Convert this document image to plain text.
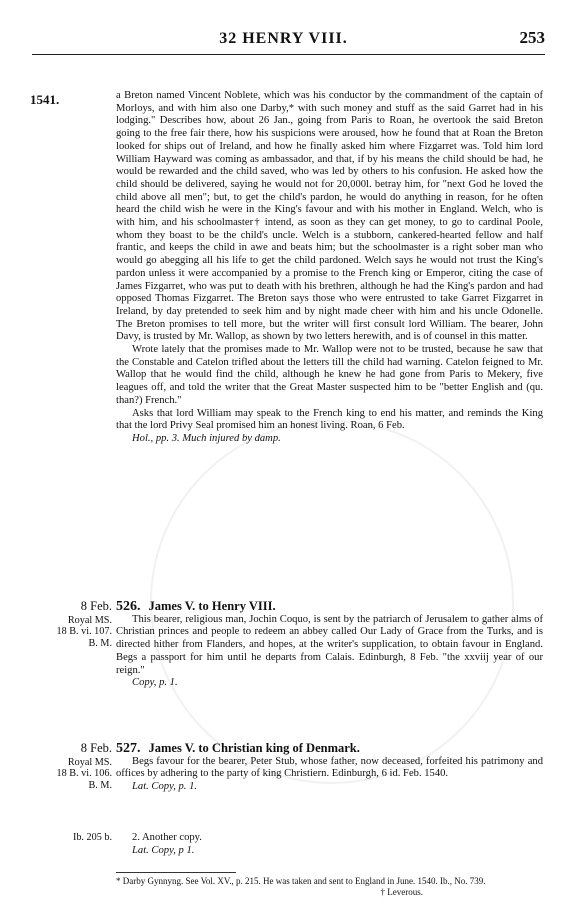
32 HENRY VIII.	253
1541.	a Breton named Vincent Noblete, which was his conductor by the commandment of the captain of Morloys, and with him also one Darby,* with such money and stuff as the said Garret had in his lodging." Describes how, about 26 Jan., going from Paris to Roan, he overtook the said Breton going to the free fair there, how his suspicions were aroused, how he found that at Roan the Breton looked for ships out of Ireland, and how he finally asked him where Fizgarret was. Told him lord William Hayward was coming as ambassador, and that, if by his means the child should be had, he would be rewarded and the child saved, who was led by others to his confusion. He asked how the child should be delivered, saying he would not for 20,000l. betray him, for "next God he loved the child above all men"; but, to get the child's pardon, he would do anything in reason, for he often heard the child wish he were in the King's favour and with his mother in England. Welch, who is with him, and his schoolmaster† intend, as soon as they can get money, to go to cardinal Poole, whom they boast to be the child's uncle. Welch is a stubborn, cankered-hearted fellow and half frantic, and keeps the child in awe and beats him; but the schoolmaster is a right sober man who would go abegging all his life to get the child pardoned. Welch says he would not trust the King's pardon unless it were accompanied by a promise to the French king or Emperor, citing the case of James Fizgarret, who was put to death with his brethren, although he had the King's pardon and had opposed Thomas Fizgarret. The Breton says those who were entrusted to take Garret Fizgarret in Ireland, by day pretended to seek him and by night made cheer with him and his uncle Odonelle. The Breton promises to tell more, but the writer will first consult lord William. The bearer, John Davy, is trusted by Mr. Wallop, as shown by two letters herewith, and is of counsel in this matter.

Wrote lately that the promises made to Mr. Wallop were not to be trusted, because he saw that the Constable and Catelon trifled about the letters till the child had warning. Catelon feigned to Mr. Wallop that he would find the child, although he knew he had gone from Paris to Mekery, five leagues off, and told the writer that the Great Master suspected him to be "better English and (qu. than?) French."

Asks that lord William may speak to the French king to end his matter, and reminds the King that the lord Privy Seal promised him an honest living. Roan, 6 Feb.

Hol., pp. 3. Much injured by damp.

8 Feb.
Royal MS.
18 B. vi. 107.
B. M.
526. James V. to Henry VIII.

This bearer, religious man, Jochin Coquo, is sent by the patriarch of Jerusalem to gather alms of Christian princes and people to redeem an abbey called Our Lady of Grace from the Turks, and is directed hither from Flanders, and hopes, at the writer's supplication, to obtain favour in England. Begs a passport for him until he departs from Calais. Edinburgh, 8 Feb. "the xxviij year of our reign."

Copy, p. 1.

8 Feb.
Royal MS.
18 B. vi. 106.
B. M.
527. James V. to Christian king of Denmark.

Begs favour for the bearer, Peter Stub, whose father, now deceased, forfeited his patrimony and offices by adhering to the party of king Christiern. Edinburgh, 6 id. Feb. 1540.

Lat. Copy, p. 1.

Ib. 205 b.	2. Another copy.

Lat. Copy, p 1.

* Darby Gynnyng. See Vol. XV., p. 215. He was taken and sent to England in June. 1540. Ib., No. 739.
† Leverous.
